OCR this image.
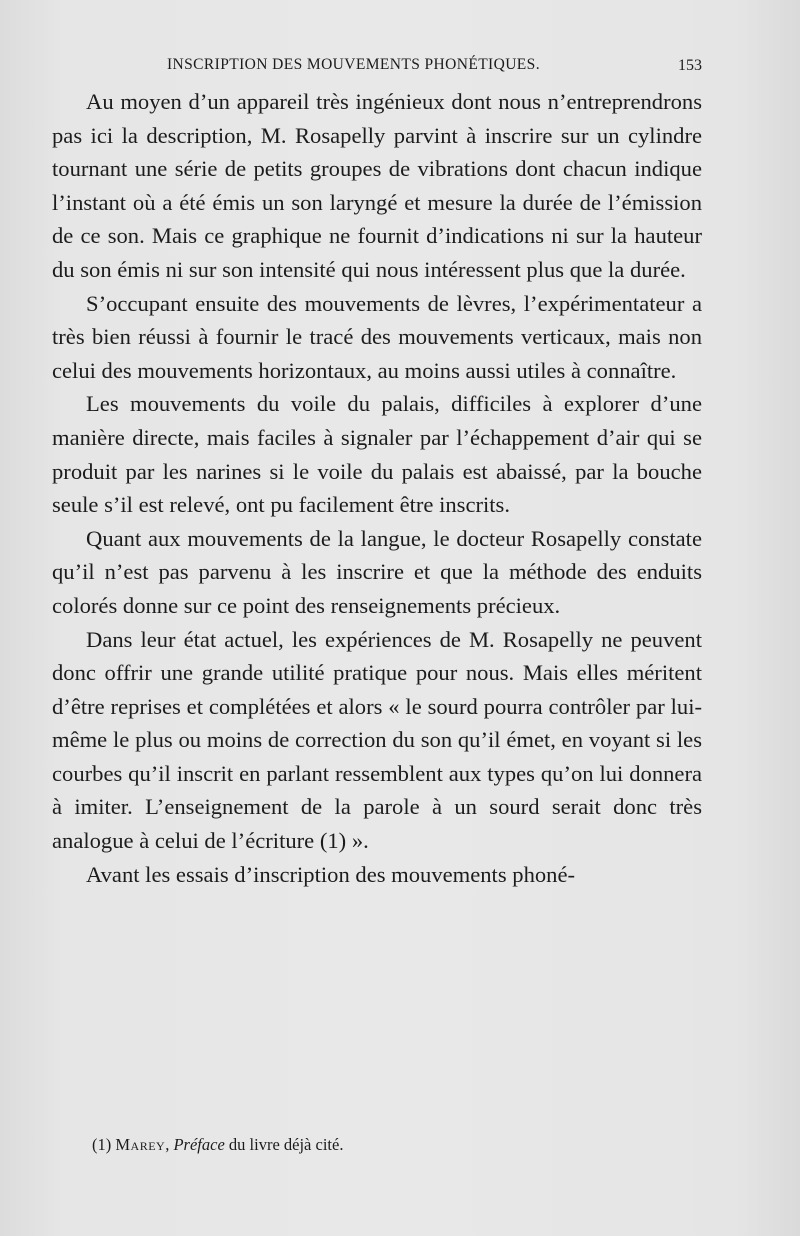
INSCRIPTION DES MOUVEMENTS PHONÉTIQUES.	153

Au moyen d’un appareil très ingénieux dont nous n’entreprendrons pas ici la description, M. Rosapelly parvint à inscrire sur un cylindre tournant une série de petits groupes de vibrations dont chacun indique l’instant où a été émis un son laryngé et mesure la durée de l’émission de ce son. Mais ce graphique ne fournit d’indications ni sur la hauteur du son émis ni sur son intensité qui nous intéressent plus que la durée.

S’occupant ensuite des mouvements de lèvres, l’expérimentateur a très bien réussi à fournir le tracé des mouvements verticaux, mais non celui des mouvements horizontaux, au moins aussi utiles à connaître.

Les mouvements du voile du palais, difficiles à explorer d’une manière directe, mais faciles à signaler par l’échappement d’air qui se produit par les narines si le voile du palais est abaissé, par la bouche seule s’il est relevé, ont pu facilement être inscrits.

Quant aux mouvements de la langue, le docteur Rosapelly constate qu’il n’est pas parvenu à les inscrire et que la méthode des enduits colorés donne sur ce point des renseignements précieux.

Dans leur état actuel, les expériences de M. Rosapelly ne peuvent donc offrir une grande utilité pratique pour nous. Mais elles méritent d’être reprises et complétées et alors « le sourd pourra contrôler par lui-même le plus ou moins de correction du son qu’il émet, en voyant si les courbes qu’il inscrit en parlant ressemblent aux types qu’on lui donnera à imiter. L’enseignement de la parole à un sourd serait donc très analogue à celui de l’écriture (1) ».

Avant les essais d’inscription des mouvements phoné-

(1) Marey, Préface du livre déjà cité.
